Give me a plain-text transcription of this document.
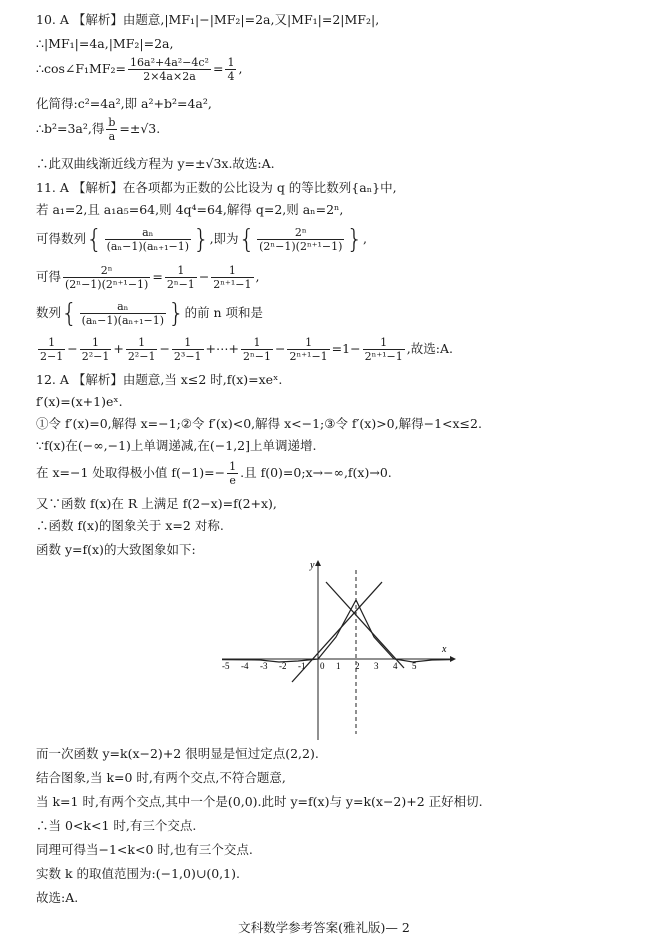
10. A 【解析】由题意,|MF₁|−|MF₂|=2a,又|MF₁|=2|MF₂|,
∴|MF₁|=4a,|MF₂|=2a,
∴cos∠F₁MF₂= $\frac{\text{16a²+4a²−4c²}}{2\times 4a\times 2a} = \frac{1}{4}$ ,
化简得:c²=4a²,即 a²+b²=4a²,
∴b²=3a²,得 $\frac{b}{a} =\pm√3$.
∴此双曲线渐近线方程为 y=±√3x.故选:A.
11. A 【解析】在各项都为正数的公比设为 q 的等比数列{aₙ}中,
若 a₁=2,且 a₁a₅=64,则 4q⁴=64,解得 q=2,则 aₙ=2ⁿ,
可得数列{ $\frac{\text{aₙ}}{\text{(aₙ−1)(aₙ₊₁−1)}}$ },即为{ $\frac{\text{2ⁿ}}{\text{(2ⁿ−1)(2ⁿ⁺¹−1)}}$ },
可得 $\frac{\text{2ⁿ}}{\text{(2ⁿ−1)(2ⁿ⁺¹−1)}} = \frac{1}{\text{2ⁿ−1}} - \frac{1}{\text{2ⁿ⁺¹−1}}$ ,
数列{ $\frac{\text{aₙ}}{\text{(aₙ−1)(aₙ₊₁−1)}}$ }的前 n 项和是
$\frac{1}{2-1} - \frac{1}{\text{2²−1}} + \frac{1}{\text{2²−1}} - \frac{1}{\text{2³−1}}$ +⋯+ $\frac{1}{\text{2ⁿ−1}} - \frac{1}{\text{2ⁿ⁺¹−1}} =1- \frac{1}{\text{2ⁿ⁺¹−1}}$ ,故选:A.
12. A 【解析】由题意,当 x≤2 时,f(x)=xeˣ.
f′(x)=(x+1)eˣ.
①令 f′(x)=0,解得 x=−1;②令 f′(x)<0,解得 x<−1;③令 f′(x)>0,解得−1<x≤2.
∵f(x)在(−∞,−1)上单调递减,在(−1,2]上单调递增.
在 x=−1 处取得极小值 $f(-1)=- \frac{1}{e}$ .且 f(0)=0;x→−∞,f(x)→0.
又∵函数 f(x)在 R 上满足 f(2−x)=f(2+x),
∴函数 f(x)的图象关于 x=2 对称.
函数 y=f(x)的大致图象如下:
x
y
-5 -4 -3 -2 -1 0 1 2 3 4 5
而一次函数 y=k(x−2)+2 很明显是恒过定点(2,2).
结合图象,当 k=0 时,有两个交点,不符合题意,
当 k=1 时,有两个交点,其中一个是(0,0).此时 y=f(x)与 y=k(x−2)+2 正好相切.
∴当 0<k<1 时,有三个交点.
同理可得当−1<k<0 时,也有三个交点.
实数 k 的取值范围为:(−1,0)∪(0,1).
故选:A.
文科数学参考答案(雅礼版)— 2
